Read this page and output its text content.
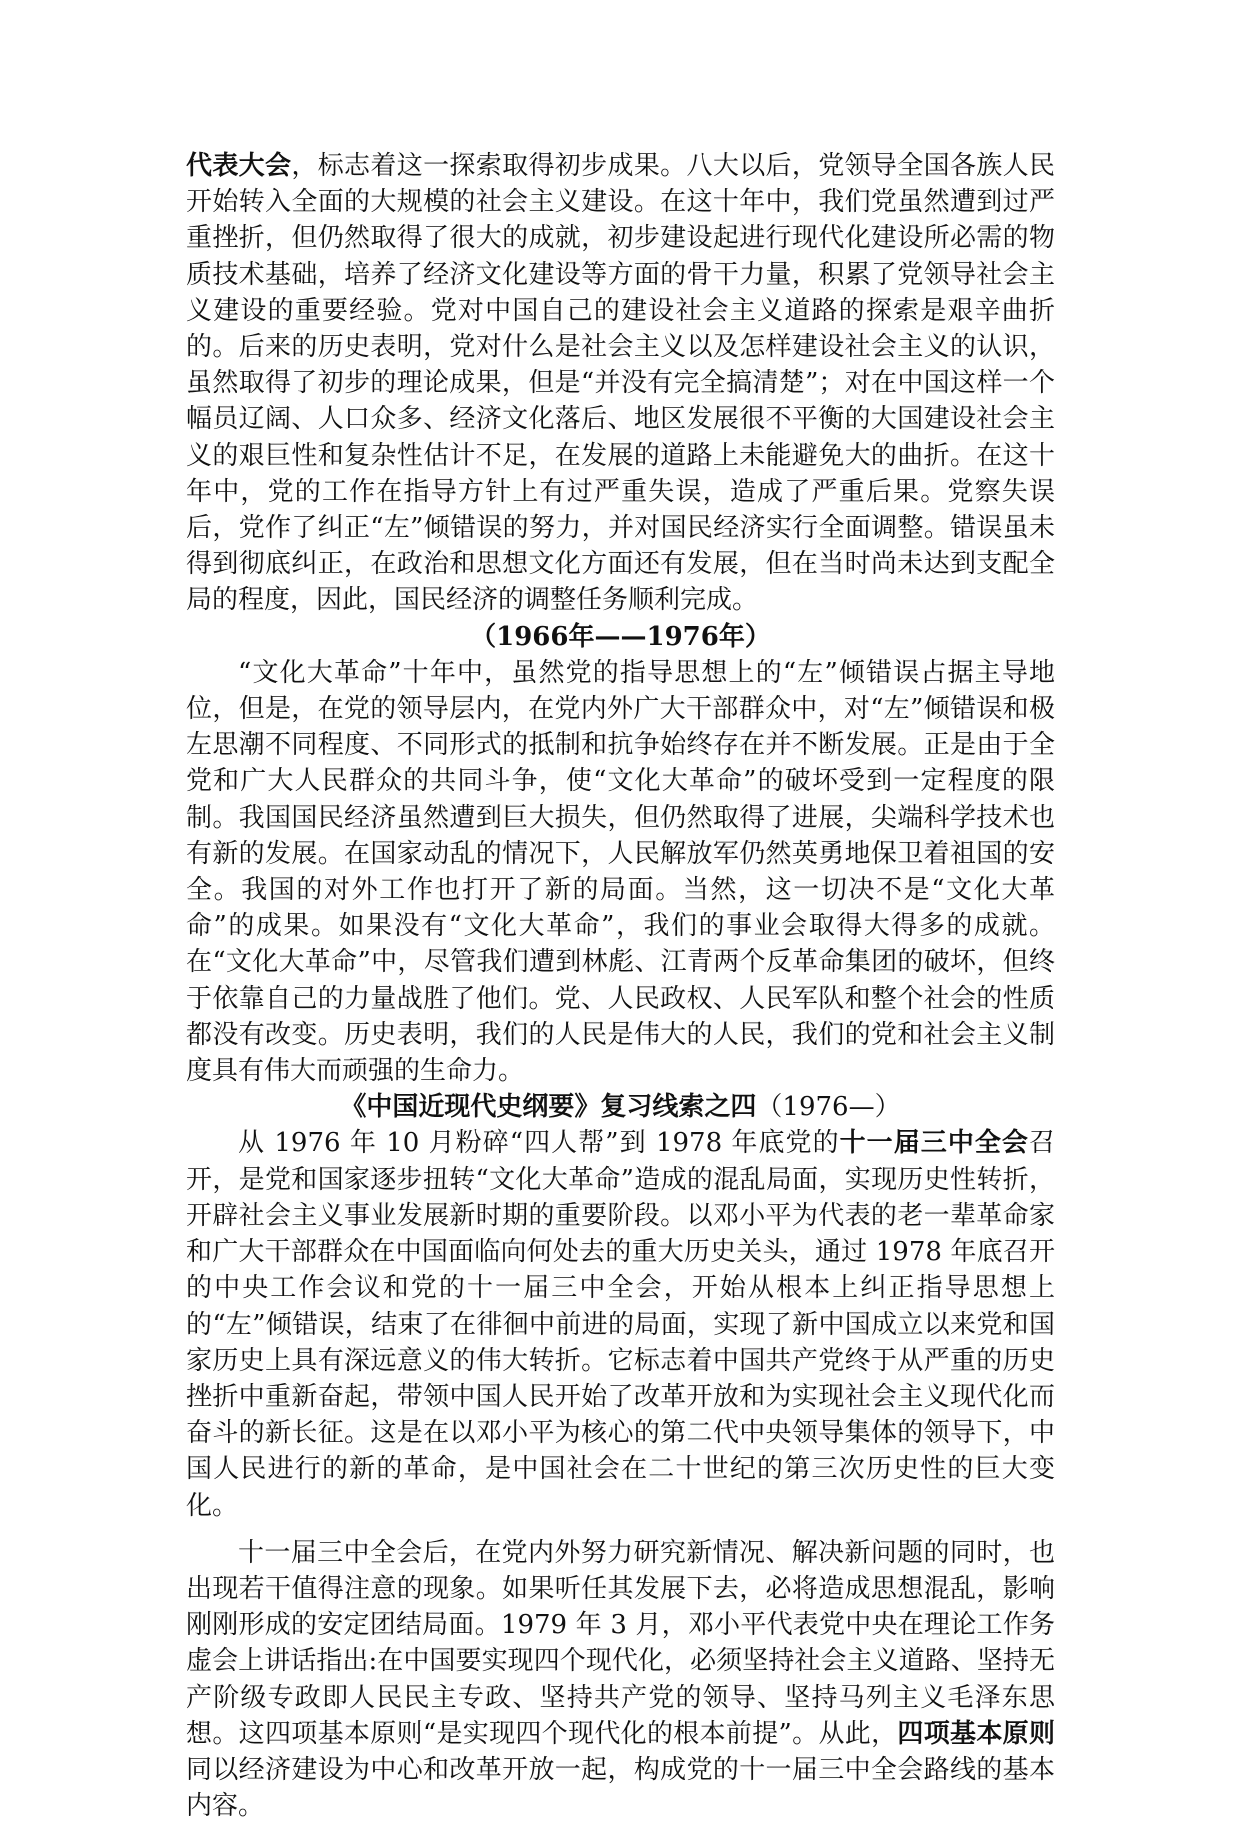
代表大会，标志着这一探索取得初步成果。八大以后，党领导全国各族人民开始转入全面的大规模的社会主义建设。在这十年中，我们党虽然遭到过严重挫折，但仍然取得了很大的成就，初步建设起进行现代化建设所必需的物质技术基础，培养了经济文化建设等方面的骨干力量，积累了党领导社会主义建设的重要经验。党对中国自己的建设社会主义道路的探索是艰辛曲折的。后来的历史表明，党对什么是社会主义以及怎样建设社会主义的认识，虽然取得了初步的理论成果，但是“并没有完全搞清楚”；对在中国这样一个幅员辽阔、人口众多、经济文化落后、地区发展很不平衡的大国建设社会主义的艰巨性和复杂性估计不足，在发展的道路上未能避免大的曲折。在这十年中，党的工作在指导方针上有过严重失误，造成了严重后果。党察失误后，党作了纠正“左”倾错误的努力，并对国民经济实行全面调整。错误虽未得到彻底纠正，在政治和思想文化方面还有发展，但在当时尚未达到支配全局的程度，因此，国民经济的调整任务顺利完成。

（1966年——1976年）

“文化大革命”十年中，虽然党的指导思想上的“左”倾错误占据主导地位，但是，在党的领导层内，在党内外广大干部群众中，对“左”倾错误和极左思潮不同程度、不同形式的抵制和抗争始终存在并不断发展。正是由于全党和广大人民群众的共同斗争，使“文化大革命”的破坏受到一定程度的限制。我国国民经济虽然遭到巨大损失，但仍然取得了进展，尖端科学技术也有新的发展。在国家动乱的情况下，人民解放军仍然英勇地保卫着祖国的安全。我国的对外工作也打开了新的局面。当然，这一切决不是“文化大革命”的成果。如果没有“文化大革命”，我们的事业会取得大得多的成就。在“文化大革命”中，尽管我们遭到林彪、江青两个反革命集团的破坏，但终于依靠自己的力量战胜了他们。党、人民政权、人民军队和整个社会的性质都没有改变。历史表明，我们的人民是伟大的人民，我们的党和社会主义制度具有伟大而顽强的生命力。

《中国近现代史纲要》复习线索之四（1976—）

从 1976 年 10 月粉碎“四人帮”到 1978 年底党的十一届三中全会召开，是党和国家逐步扭转“文化大革命”造成的混乱局面，实现历史性转折，开辟社会主义事业发展新时期的重要阶段。以邓小平为代表的老一辈革命家和广大干部群众在中国面临向何处去的重大历史关头，通过 1978 年底召开的中央工作会议和党的十一届三中全会，开始从根本上纠正指导思想上的“左”倾错误，结束了在徘徊中前进的局面，实现了新中国成立以来党和国家历史上具有深远意义的伟大转折。它标志着中国共产党终于从严重的历史挫折中重新奋起，带领中国人民开始了改革开放和为实现社会主义现代化而奋斗的新长征。这是在以邓小平为核心的第二代中央领导集体的领导下，中国人民进行的新的革命，是中国社会在二十世纪的第三次历史性的巨大变化。

十一届三中全会后，在党内外努力研究新情况、解决新问题的同时，也出现若干值得注意的现象。如果听任其发展下去，必将造成思想混乱，影响刚刚形成的安定团结局面。1979 年 3 月，邓小平代表党中央在理论工作务虚会上讲话指出:在中国要实现四个现代化，必须坚持社会主义道路、坚持无产阶级专政即人民民主专政、坚持共产党的领导、坚持马列主义毛泽东思想。这四项基本原则“是实现四个现代化的根本前提”。从此，四项基本原则同以经济建设为中心和改革开放一起，构成党的十一届三中全会路线的基本内容。
